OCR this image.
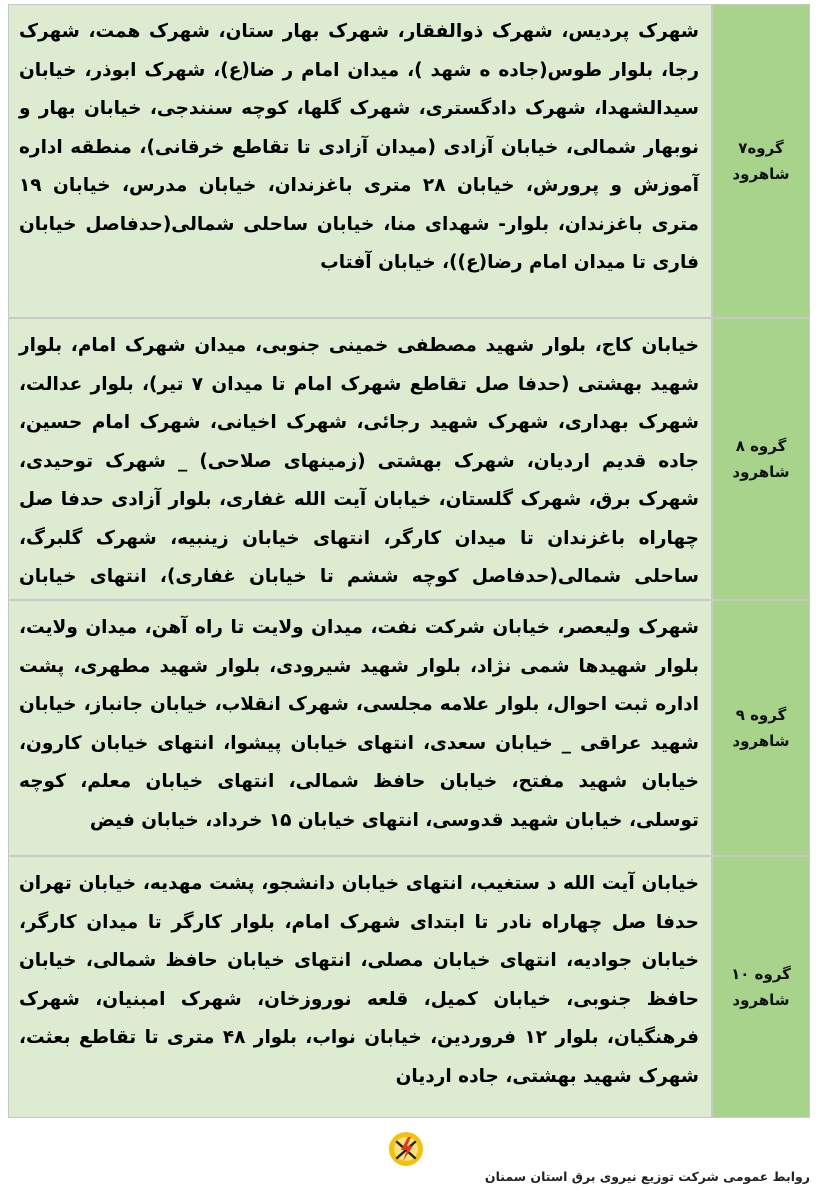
گروه۷
شاهرود
شهرک پردیس، شهرک ذوالفقار، شهرک بهار ستان، شهرک همت، شهرک رجا، بلوار طوس(جاده ه شهد )، میدان امام ر ضا(ع)، شهرک ابوذر، خیابان سیدا‌لشهدا، شهرک دادگستری، شهرک گلها، کوچه سنندجی، خیابان بهار و نوبهار شمالی، خیابان آزادی (میدان آزادی تا تقاطع خرقانی)، منطقه اداره آموزش و پرورش، خیابان ۲۸ متری باغزندان، خیابان مدرس، خیابان ۱۹ متری باغزندان، بلوار- شهدای منا، خیابان ساحلی شمالی(حدفاصل خیابان فاری تا میدان امام رضا(ع))، خیابان آفتاب
گروه ۸
شاهرود
خیابان کاج، بلوار شهید مصطفی خمینی جنوبی، میدان شهرک امام، بلوار شهید بهشتی (حدفا صل تقاطع شهرک امام تا میدان ۷ تیر)، بلوار عدالت، شهرک بهداری، شهرک شهید رجائی، شهرک اخیانی، شهرک امام حسین، جاده قدیم اردیان، شهرک بهشتی (زمینهای صلاحی) _ شهرک توحیدی، شهرک برق، شهرک گلستان، خیابان آیت الله غفاری، بلوار آزادی حدفا صل چهاراه باغزندان تا میدان کارگر، انتهای خیابان زینبیه، شهرک گلبرگ، ساحلی شمالی(حدفاصل کوچه ششم تا خیابان غفاری)، انتهای خیابان
گروه ۹
شاهرود
شهرک ولیعصر، خیابان شرکت نفت، میدان ولایت تا راه آهن، میدان ولایت، بلوار شهیدها شمی نژاد، بلوار شهید شیرودی، بلوار شهید مطهری، پشت اداره ثبت احوال، بلوار علامه مجلسی، شهرک انقلاب، خیابان جانباز، خیابان شهید عراقی _ خیابان سعدی، انتهای خیابان پیشوا، انتهای خیابان کارون، خیابان شهید مفتح، خیابان حافظ شمالی، انتهای خیابان معلم، کوچه توسلی، خیابان شهید قدوسی، انتهای خیابان ۱۵ خرداد، خیابان فیض
گروه ۱۰
شاهرود
خیابان آیت الله د ستغیب، انتهای خیابان دانشجو، پشت مهدیه، خیابان تهران حدفا صل چهاراه نادر تا ابتدای شهرک امام، بلوار کارگر تا میدان کارگر، خیابان جوادیه، انتهای خیابان مصلی، انتهای خیابان حافظ شمالی، خیابان حافظ جنوبی، خیابان کمیل، قلعه نوروزخان، شهرک امبنیان، شهرک فرهنگیان، بلوار ۱۲ فروردین، خیابان نواب، بلوار ۴۸ متری تا تقاطع بعثت، شهرک شهید بهشتی، جاده اردیان
روابط عمومی شرکت توزیع نیروی برق استان سمنان
